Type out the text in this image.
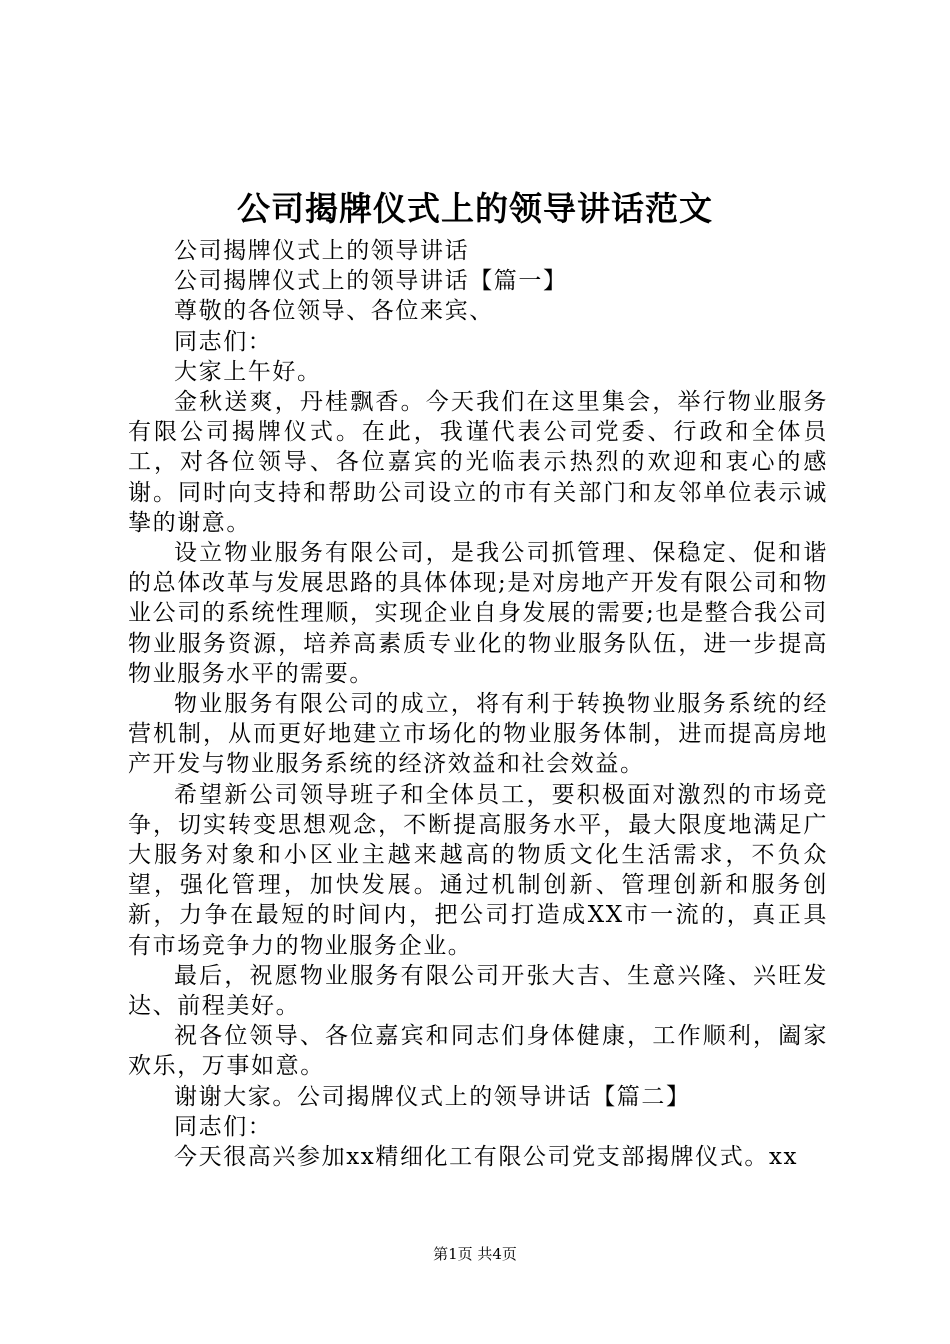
公司揭牌仪式上的领导讲话范文

公司揭牌仪式上的领导讲话

公司揭牌仪式上的领导讲话【篇一】

尊敬的各位领导、各位来宾、

同志们：

大家上午好。

金秋送爽，丹桂飘香。今天我们在这里集会，举行物业服务有限公司揭牌仪式。在此，我谨代表公司党委、行政和全体员工，对各位领导、各位嘉宾的光临表示热烈的欢迎和衷心的感谢。同时向支持和帮助公司设立的市有关部门和友邻单位表示诚挚的谢意。

设立物业服务有限公司，是我公司抓管理、保稳定、促和谐的总体改革与发展思路的具体体现;是对房地产开发有限公司和物业公司的系统性理顺，实现企业自身发展的需要;也是整合我公司物业服务资源，培养高素质专业化的物业服务队伍，进一步提高物业服务水平的需要。

物业服务有限公司的成立，将有利于转换物业服务系统的经营机制，从而更好地建立市场化的物业服务体制，进而提高房地产开发与物业服务系统的经济效益和社会效益。

希望新公司领导班子和全体员工，要积极面对激烈的市场竞争，切实转变思想观念，不断提高服务水平，最大限度地满足广大服务对象和小区业主越来越高的物质文化生活需求，不负众望，强化管理，加快发展。通过机制创新、管理创新和服务创新，力争在最短的时间内，把公司打造成XX市一流的，真正具有市场竞争力的物业服务企业。

最后，祝愿物业服务有限公司开张大吉、生意兴隆、兴旺发达、前程美好。

祝各位领导、各位嘉宾和同志们身体健康，工作顺利，阖家欢乐，万事如意。

谢谢大家。公司揭牌仪式上的领导讲话【篇二】

同志们：

今天很高兴参加xx精细化工有限公司党支部揭牌仪式。xx

第1页 共4页
